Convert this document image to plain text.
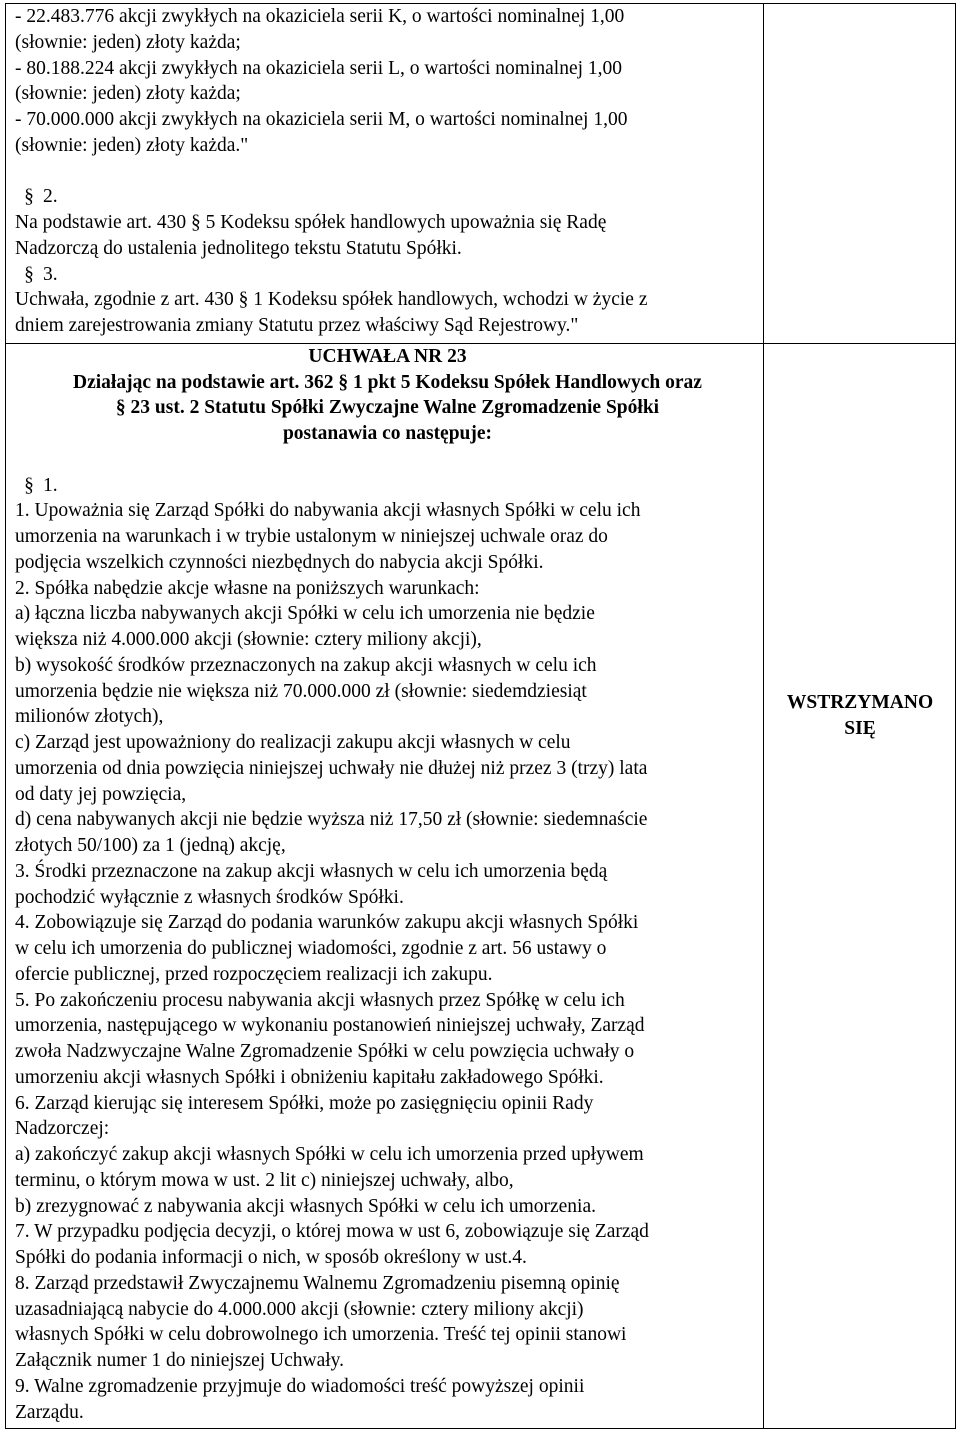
- 22.483.776 akcji zwykłych na okaziciela serii K, o wartości nominalnej 1,00
(słownie: jeden) złoty każda;
- 80.188.224 akcji zwykłych na okaziciela serii L, o wartości nominalnej 1,00
(słownie: jeden) złoty każda;
- 70.000.000 akcji zwykłych na okaziciela serii M, o wartości nominalnej 1,00
(słownie: jeden) złoty każda."
§ 2.
Na podstawie art. 430 § 5 Kodeksu spółek handlowych upoważnia się Radę
Nadzorczą do ustalenia jednolitego tekstu Statutu Spółki.
§ 3.
Uchwała, zgodnie z art. 430 § 1 Kodeksu spółek handlowych, wchodzi w życie z
dniem zarejestrowania zmiany Statutu przez właściwy Sąd Rejestrowy."
UCHWAŁA NR 23
Działając na podstawie art. 362 § 1 pkt 5 Kodeksu Spółek Handlowych oraz
§ 23 ust. 2 Statutu Spółki Zwyczajne Walne Zgromadzenie Spółki
postanawia co następuje:
§ 1.
1. Upoważnia się Zarząd Spółki do nabywania akcji własnych Spółki w celu ich
umorzenia na warunkach i w trybie ustalonym w niniejszej uchwale oraz do
podjęcia wszelkich czynności niezbędnych do nabycia akcji Spółki.
2. Spółka nabędzie akcje własne na poniższych warunkach:
a) łączna liczba nabywanych akcji Spółki w celu ich umorzenia nie będzie
większa niż 4.000.000 akcji (słownie: cztery miliony akcji),
b) wysokość środków przeznaczonych na zakup akcji własnych w celu ich
umorzenia będzie nie większa niż 70.000.000 zł (słownie: siedemdziesiąt
milionów złotych),
c) Zarząd jest upoważniony do realizacji zakupu akcji własnych w celu
umorzenia od dnia powzięcia niniejszej uchwały nie dłużej niż przez 3 (trzy) lata
od daty jej powzięcia,
d) cena nabywanych akcji nie będzie wyższa niż 17,50 zł (słownie: siedemnaście
złotych 50/100) za 1 (jedną) akcję,
3. Środki przeznaczone na zakup akcji własnych w celu ich umorzenia będą
pochodzić wyłącznie z własnych środków Spółki.
4. Zobowiązuje się Zarząd do podania warunków zakupu akcji własnych Spółki
w celu ich umorzenia do publicznej wiadomości, zgodnie z art. 56 ustawy o
ofercie publicznej, przed rozpoczęciem realizacji ich zakupu.
5. Po zakończeniu procesu nabywania akcji własnych przez Spółkę w celu ich
umorzenia, następującego w wykonaniu postanowień niniejszej uchwały, Zarząd
zwoła Nadzwyczajne Walne Zgromadzenie Spółki w celu powzięcia uchwały o
umorzeniu akcji własnych Spółki i obniżeniu kapitału zakładowego Spółki.
6. Zarząd kierując się interesem Spółki, może po zasięgnięciu opinii Rady
Nadzorczej:
a) zakończyć zakup akcji własnych Spółki w celu ich umorzenia przed upływem
terminu, o którym mowa w ust. 2 lit c) niniejszej uchwały, albo,
b) zrezygnować z nabywania akcji własnych Spółki w celu ich umorzenia.
7. W przypadku podjęcia decyzji, o której mowa w ust 6, zobowiązuje się Zarząd
Spółki do podania informacji o nich, w sposób określony w ust.4.
8. Zarząd przedstawił Zwyczajnemu Walnemu Zgromadzeniu pisemną opinię
uzasadniającą nabycie do 4.000.000 akcji (słownie: cztery miliony akcji)
własnych Spółki w celu dobrowolnego ich umorzenia. Treść tej opinii stanowi
Załącznik numer 1 do niniejszej Uchwały.
9. Walne zgromadzenie przyjmuje do wiadomości treść powyższej opinii
Zarządu.
WSTRZYMANO
SIĘ
